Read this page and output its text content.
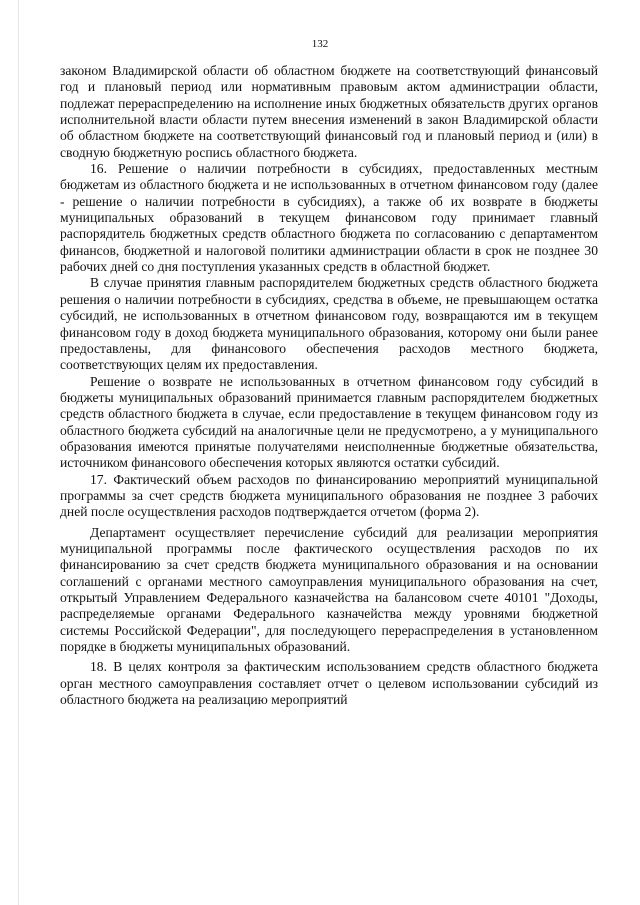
132

законом Владимирской области об областном бюджете на соответствующий финансовый год и плановый период или нормативным правовым актом администрации области, подлежат перераспределению на исполнение иных бюджетных обязательств других органов исполнительной власти области путем внесения изменений в закон Владимирской области об областном бюджете на соответствующий финансовый год и плановый период и (или) в сводную бюджетную роспись областного бюджета.

16. Решение о наличии потребности в субсидиях, предоставленных местным бюджетам из областного бюджета и не использованных в отчетном финансовом году (далее - решение о наличии потребности в субсидиях), а также об их возврате в бюджеты муниципальных образований в текущем финансовом году принимает главный распорядитель бюджетных средств областного бюджета по согласованию с департаментом финансов, бюджетной и налоговой политики администрации области в срок не позднее 30 рабочих дней со дня поступления указанных средств в областной бюджет.

В случае принятия главным распорядителем бюджетных средств областного бюджета решения о наличии потребности в субсидиях, средства в объеме, не превышающем остатка субсидий, не использованных в отчетном финансовом году, возвращаются им в текущем финансовом году в доход бюджета муниципального образования, которому они были ранее предоставлены, для финансового обеспечения расходов местного бюджета, соответствующих целям их предоставления.

Решение о возврате не использованных в отчетном финансовом году субсидий в бюджеты муниципальных образований принимается главным распорядителем бюджетных средств областного бюджета в случае, если предоставление в текущем финансовом году из областного бюджета субсидий на аналогичные цели не предусмотрено, а у муниципального образования имеются принятые получателями неисполненные бюджетные обязательства, источником финансового обеспечения которых являются остатки субсидий.

17. Фактический объем расходов по финансированию мероприятий муниципальной программы за счет средств бюджета муниципального образования не позднее 3 рабочих дней после осуществления расходов подтверждается отчетом (форма 2).

Департамент осуществляет перечисление субсидий для реализации мероприятия муниципальной программы после фактического осуществления расходов по их финансированию за счет средств бюджета муниципального образования и на основании соглашений с органами местного самоуправления муниципального образования на счет, открытый Управлением Федерального казначейства на балансовом счете 40101 "Доходы, распределяемые органами Федерального казначейства между уровнями бюджетной системы Российской Федерации", для последующего перераспределения в установленном порядке в бюджеты муниципальных образований.

18. В целях контроля за фактическим использованием средств областного бюджета орган местного самоуправления составляет отчет о целевом использовании субсидий из областного бюджета на реализацию мероприятий
